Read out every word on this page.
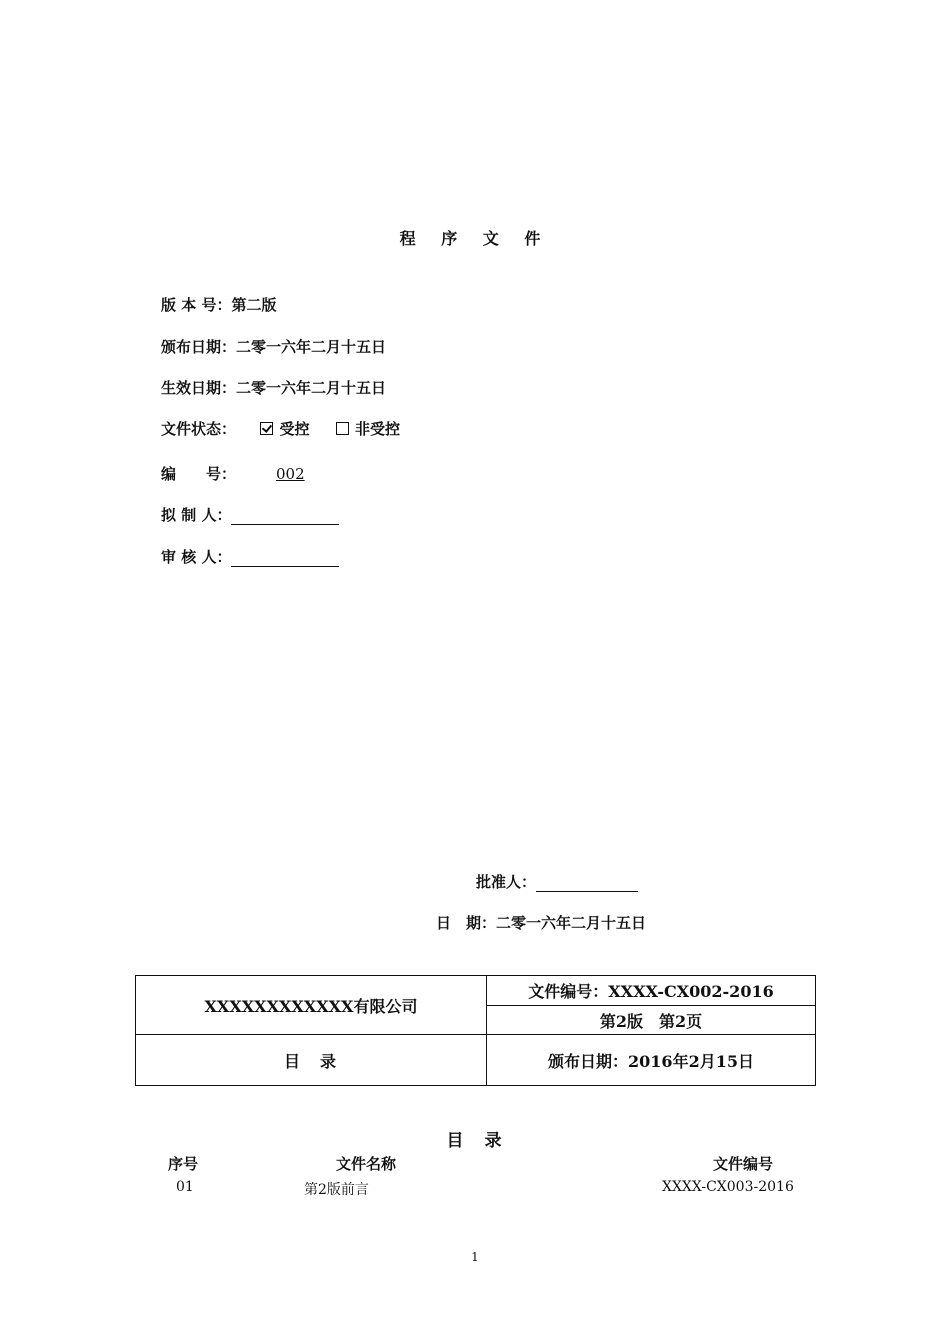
程 序 文 件
版 本 号：第二版
颁布日期：二零一六年二月十五日
生效日期：二零一六年二月十五日
文件状态：	受控	非受控
编　　号：	002
拟 制 人：
审 核 人：
批准人：
日　期：二零一六年二月十五日
XXXXXXXXXXXX有限公司	文件编号：XXXX-CX002-2016
	第2版　第2页
目　录	颁布日期：2016年2月15日
目　录
序号	文件名称	文件编号
01	第2版前言	XXXX-CX003-2016
1
